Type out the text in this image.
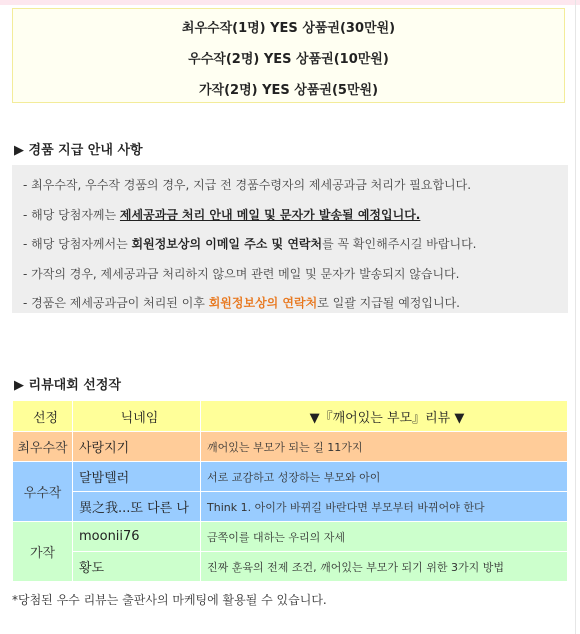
최우수작(1명) YES 상품권(30만원)
우수작(2명) YES 상품권(10만원)
가작(2명) YES 상품권(5만원)
▶ 경품 지급 안내 사항
- 최우수작, 우수작 경품의 경우, 지급 전 경품수령자의 제세공과금 처리가 필요합니다.
- 해당 당첨자께는 제세공과금 처리 안내 메일 및 문자가 발송될 예정입니다.
- 해당 당첨자께서는 회원정보상의 이메일 주소 및 연락처를 꼭 확인해주시길 바랍니다.
- 가작의 경우, 제세공과금 처리하지 않으며 관련 메일 및 문자가 발송되지 않습니다.
- 경품은 제세공과금이 처리된 이후 회원정보상의 연락처로 일괄 지급될 예정입니다.
▶ 리뷰대회 선정작
선정	닉네임	▼『깨어있는 부모』리뷰 ▼
최우수작	사랑지기	깨어있는 부모가 되는 길 11가지
우수작	달밤텔러	서로 교감하고 성장하는 부모와 아이
	異之我...또 다른 나	Think 1. 아이가 바뀌길 바란다면 부모부터 바뀌어야 한다
가작	moonii76	금쪽이를 대하는 우리의 자세
	황도	진짜 훈육의 전제 조건, 깨어있는 부모가 되기 위한 3가지 방법
*당첨된 우수 리뷰는 출판사의 마케팅에 활용될 수 있습니다.
